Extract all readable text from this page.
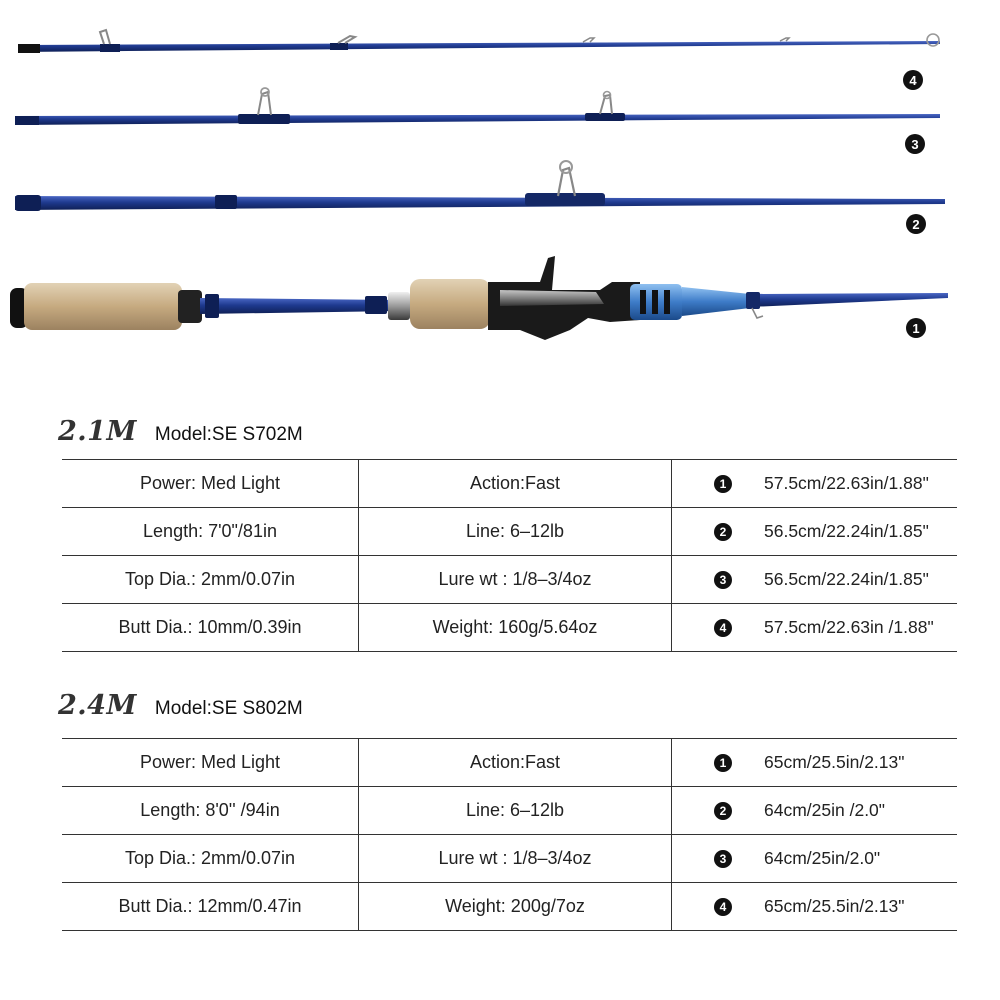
4
3
2
1
2.1M Model:SE S702M
Power: Med Light	Action:Fast	1 57.5cm/22.63in/1.88"

Length: 7'0"/81in	Line: 6–12lb	2 56.5cm/22.24in/1.85"

Top Dia.: 2mm/0.07in	Lure wt : 1/8–3/4oz	3 56.5cm/22.24in/1.85"

Butt Dia.: 10mm/0.39in	Weight: 160g/5.64oz	4 57.5cm/22.63in /1.88"
2.4M Model:SE S802M
Power: Med Light	Action:Fast	1 65cm/25.5in/2.13"

Length: 8'0'' /94in	Line: 6–12lb	2 64cm/25in /2.0"

Top Dia.: 2mm/0.07in	Lure wt : 1/8–3/4oz	3 64cm/25in/2.0"

Butt Dia.: 12mm/0.47in	Weight: 200g/7oz	4 65cm/25.5in/2.13"
